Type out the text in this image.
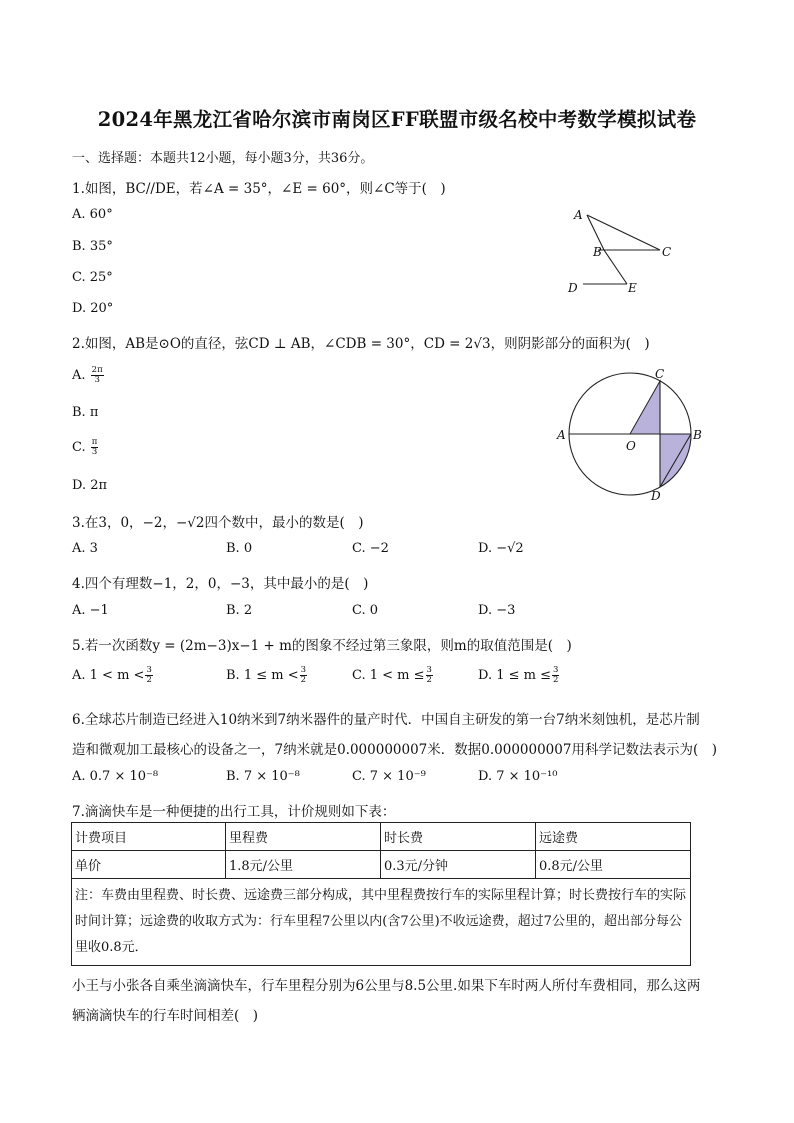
2024年黑龙江省哈尔滨市南岗区FF联盟市级名校中考数学模拟试卷
一、选择题：本题共12小题，每小题3分，共36分。
1.如图，BC//DE，若∠A = 35°，∠E = 60°，则∠C等于(　)
A. 60°
B. 35°
C. 25°
D. 20°
A
B	C
D	E
2.如图，AB是⊙O的直径，弦CD ⊥ AB，∠CDB = 30°，CD = 2√3，则阴影部分的面积为(　)
A. $\frac{2\pi}{3}$
B. π
C. $\frac{\pi}{3}$
D. 2π
A	B
C
D
O
3.在3，0，−2，−√2四个数中，最小的数是(　)
A. 3	B. 0	C. −2	D. −√2
4.四个有理数−1，2，0，−3，其中最小的是(　)
A. −1	B. 2	C. 0	D. −3
5.若一次函数y = (2m−3)x−1 + m的图象不经过第三象限，则m的取值范围是(　)
A. $1 < m < \frac{3}{2}$	B. $1 \le m < \frac{3}{2}$	C. $1 < m \le \frac{3}{2}$	D. $1 \le m \le \frac{3}{2}$
6.全球芯片制造已经进入10纳米到7纳米器件的量产时代．中国自主研发的第一台7纳米刻蚀机，是芯片制
造和微观加工最核心的设备之一，7纳米就是0.000000007米．数据0.000000007用科学记数法表示为(　)
A. 0.7 × 10⁻⁸	B. 7 × 10⁻⁸	C. 7 × 10⁻⁹	D. 7 × 10⁻¹⁰
7.滴滴快车是一种便捷的出行工具，计价规则如下表：
计费项目	里程费	时长费	远途费
单价	1.8元/公里	0.3元/分钟	0.8元/公里
注：车费由里程费、时长费、远途费三部分构成，其中里程费按行车的实际里程计算；时长费按行车的实际时间计算；远途费的收取方式为：行车里程7公里以内(含7公里)不收远途费，超过7公里的，超出部分每公里收0.8元．			
小王与小张各自乘坐滴滴快车，行车里程分别为6公里与8.5公里.如果下车时两人所付车费相同，那么这两
辆滴滴快车的行车时间相差(　)
